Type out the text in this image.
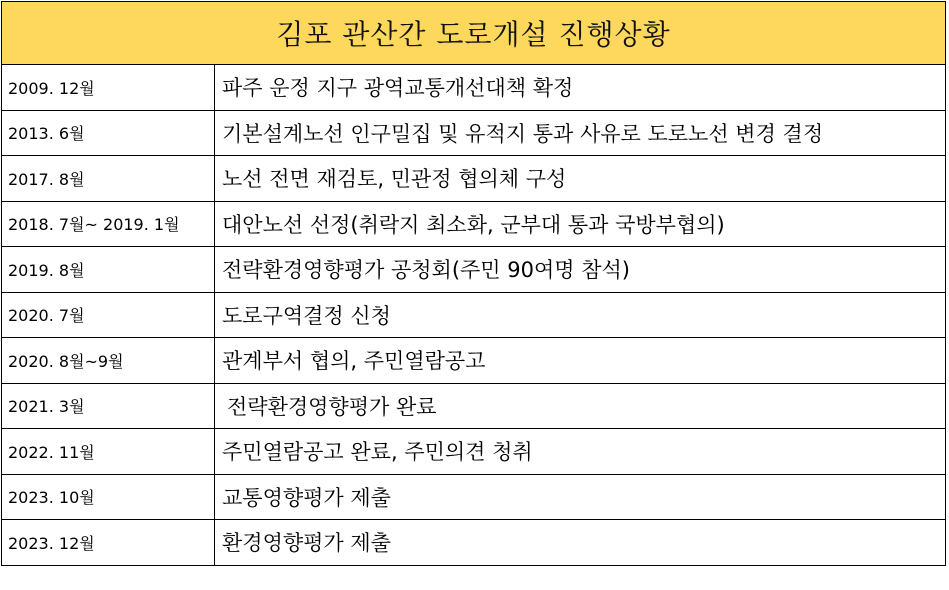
김포 관산간 도로개설 진행상황	
2009. 12월	파주 운정 지구 광역교통개선대책 확정
2013. 6월	기본설계노선 인구밀집 및 유적지 통과 사유로 도로노선 변경 결정
2017. 8월	노선 전면 재검토, 민관정 협의체 구성
2018. 7월~ 2019. 1월	대안노선 선정(취락지 최소화, 군부대 통과 국방부협의)
2019. 8월	전략환경영향평가 공청회(주민 90여명 참석)
2020. 7월	도로구역결정 신청
2020. 8월~9월	관계부서 협의, 주민열람공고
2021. 3월	전략환경영향평가 완료
2022. 11월	주민열람공고 완료, 주민의견 청취
2023. 10월	교통영향평가 제출
2023. 12월	환경영향평가 제출
